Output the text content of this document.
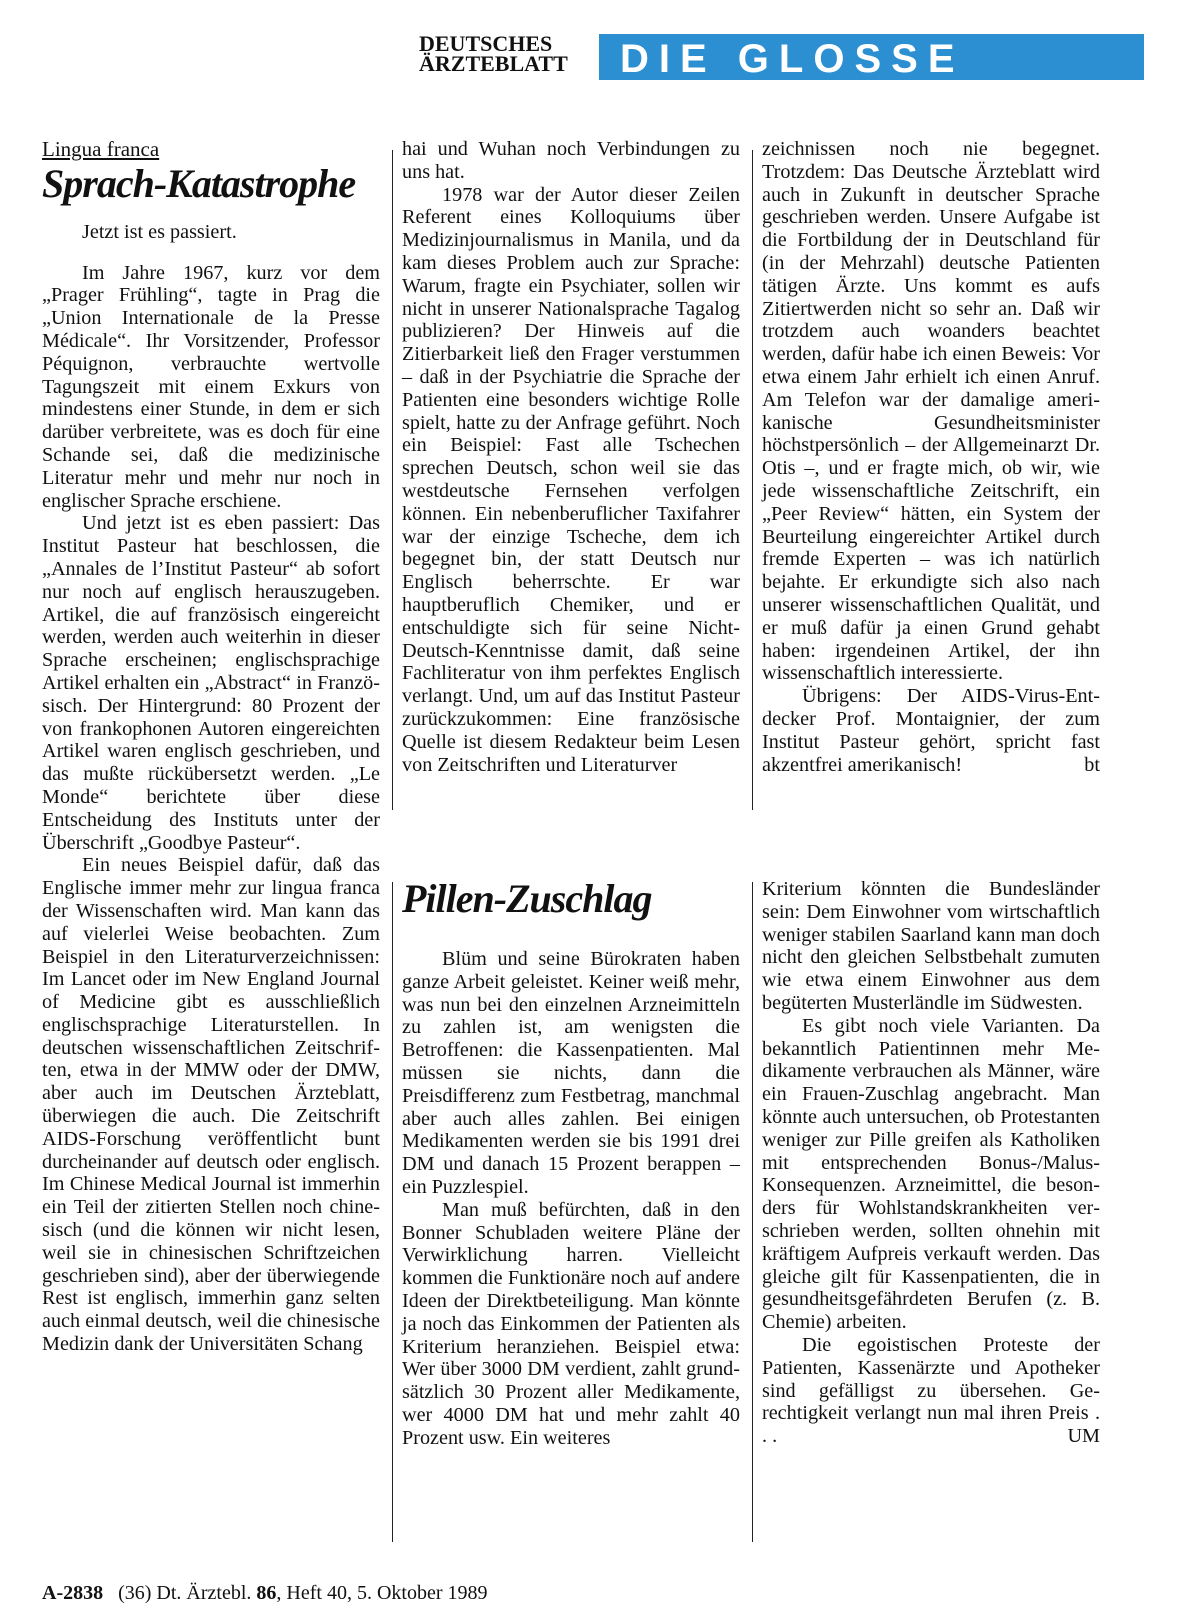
DEUTSCHES
ÄRZTEBLATT	DIE GLOSSE

Lingua franca

Sprach-Katastrophe

Jetzt ist es passiert.

Im Jahre 1967, kurz vor dem „Prager Frühling“, tagte in Prag die „Union Internationale de la Presse Médicale“. Ihr Vorsitzender, Professor Péquignon, verbrauchte wertvolle Tagungszeit mit einem Exkurs von mindestens einer Stunde, in dem er sich darüber verbreitete, was es doch für eine Schande sei, daß die medizinische Literatur mehr und mehr nur noch in englischer Sprache erschiene.

Und jetzt ist es eben passiert: Das Institut Pasteur hat beschlossen, die „Annales de l’Institut Pasteur“ ab sofort nur noch auf englisch herauszugeben. Artikel, die auf französisch eingereicht werden, werden auch weiterhin in dieser Sprache erscheinen; englischsprachige Artikel erhalten ein „Abstract“ in Französisch. Der Hintergrund: 80 Prozent der von frankophonen Autoren eingereichten Artikel waren englisch geschrieben, und das mußte rückübersetzt werden. „Le Monde“ berichtete über diese Entscheidung des Instituts unter der Überschrift „Goodbye Pasteur“.

Ein neues Beispiel dafür, daß das Englische immer mehr zur lingua franca der Wissenschaften wird. Man kann das auf vielerlei Weise beobachten. Zum Beispiel in den Literaturverzeichnissen: Im Lancet oder im New England Journal of Medicine gibt es ausschließlich englischsprachige Literaturstellen. In deutschen wissenschaftlichen Zeitschriften, etwa in der MMW oder der DMW, aber auch im Deutschen Ärzteblatt, überwiegen die auch. Die Zeitschrift AIDS-Forschung veröffentlicht bunt durcheinander auf deutsch oder englisch. Im Chinese Medical Journal ist immerhin ein Teil der zitierten Stellen noch chinesisch (und die können wir nicht lesen, weil sie in chinesischen Schriftzeichen geschrieben sind), aber der überwiegende Rest ist englisch, immerhin ganz selten auch einmal deutsch, weil die chinesische Medizin dank der Universitäten Schang

hai und Wuhan noch Verbindungen zu uns hat.

1978 war der Autor dieser Zeilen Referent eines Kolloquiums über Medizinjournalismus in Manila, und da kam dieses Problem auch zur Sprache: Warum, fragte ein Psychiater, sollen wir nicht in unserer Nationalsprache Tagalog publizieren? Der Hinweis auf die Zitierbarkeit ließ den Frager verstummen – daß in der Psychiatrie die Sprache der Patienten eine besonders wichtige Rolle spielt, hatte zu der Anfrage geführt. Noch ein Beispiel: Fast alle Tschechen sprechen Deutsch, schon weil sie das westdeutsche Fernsehen verfolgen können. Ein nebenberuflicher Taxifahrer war der einzige Tscheche, dem ich begegnet bin, der statt Deutsch nur Englisch beherrschte. Er war hauptberuflich Chemiker, und er entschuldigte sich für seine Nicht-Deutsch-Kenntnisse damit, daß seine Fachliteratur von ihm perfektes Englisch verlangt. Und, um auf das Institut Pasteur zurückzukommen: Eine französische Quelle ist diesem Redakteur beim Lesen von Zeitschriften und Literaturver

zeichnissen noch nie begegnet. Trotzdem: Das Deutsche Ärzteblatt wird auch in Zukunft in deutscher Sprache geschrieben werden. Unsere Aufgabe ist die Fortbildung der in Deutschland für (in der Mehrzahl) deutsche Patienten tätigen Ärzte. Uns kommt es aufs Zitiertwerden nicht so sehr an. Daß wir trotzdem auch woanders beachtet werden, dafür habe ich einen Beweis: Vor etwa einem Jahr erhielt ich einen Anruf. Am Telefon war der damalige amerikanische Gesundheitsminister höchstpersönlich – der Allgemeinarzt Dr. Otis –, und er fragte mich, ob wir, wie jede wissenschaftliche Zeitschrift, ein „Peer Review“ hätten, ein System der Beurteilung eingereichter Artikel durch fremde Experten – was ich natürlich bejahte. Er erkundigte sich also nach unserer wissenschaftlichen Qualität, und er muß dafür ja einen Grund gehabt haben: irgendeinen Artikel, der ihn wissenschaftlich interessierte.

Übrigens: Der AIDS-Virus-Entdecker Prof. Montaignier, der zum Institut Pasteur gehört, spricht fast akzentfrei amerikanisch!	bt

Pillen-Zuschlag

Blüm und seine Bürokraten haben ganze Arbeit geleistet. Keiner weiß mehr, was nun bei den einzelnen Arzneimitteln zu zahlen ist, am wenigsten die Betroffenen: die Kassenpatienten. Mal müssen sie nichts, dann die Preisdifferenz zum Festbetrag, manchmal aber auch alles zahlen. Bei einigen Medikamenten werden sie bis 1991 drei DM und danach 15 Prozent berappen – ein Puzzlespiel.

Man muß befürchten, daß in den Bonner Schubladen weitere Pläne der Verwirklichung harren. Vielleicht kommen die Funktionäre noch auf andere Ideen der Direktbeteiligung. Man könnte ja noch das Einkommen der Patienten als Kriterium heranziehen. Beispiel etwa: Wer über 3000 DM verdient, zahlt grundsätzlich 30 Prozent aller Medikamente, wer 4000 DM hat und mehr zahlt 40 Prozent usw. Ein weiteres

Kriterium könnten die Bundesländer sein: Dem Einwohner vom wirtschaftlich weniger stabilen Saarland kann man doch nicht den gleichen Selbstbehalt zumuten wie etwa einem Einwohner aus dem begüterten Musterländle im Südwesten.

Es gibt noch viele Varianten. Da bekanntlich Patientinnen mehr Medikamente verbrauchen als Männer, wäre ein Frauen-Zuschlag angebracht. Man könnte auch untersuchen, ob Protestanten weniger zur Pille greifen als Katholiken mit entsprechenden Bonus-/Malus-Konsequenzen. Arzneimittel, die besonders für Wohlstandskrankheiten verschrieben werden, sollten ohnehin mit kräftigem Aufpreis verkauft werden. Das gleiche gilt für Kassenpatienten, die in gesundheitsgefährdeten Berufen (z. B. Chemie) arbeiten.

Die egoistischen Proteste der Patienten, Kassenärzte und Apotheker sind gefälligst zu übersehen. Gerechtigkeit verlangt nun mal ihren Preis . . .	UM

A-2838 (36) Dt. Ärztebl. 86, Heft 40, 5. Oktober 1989
